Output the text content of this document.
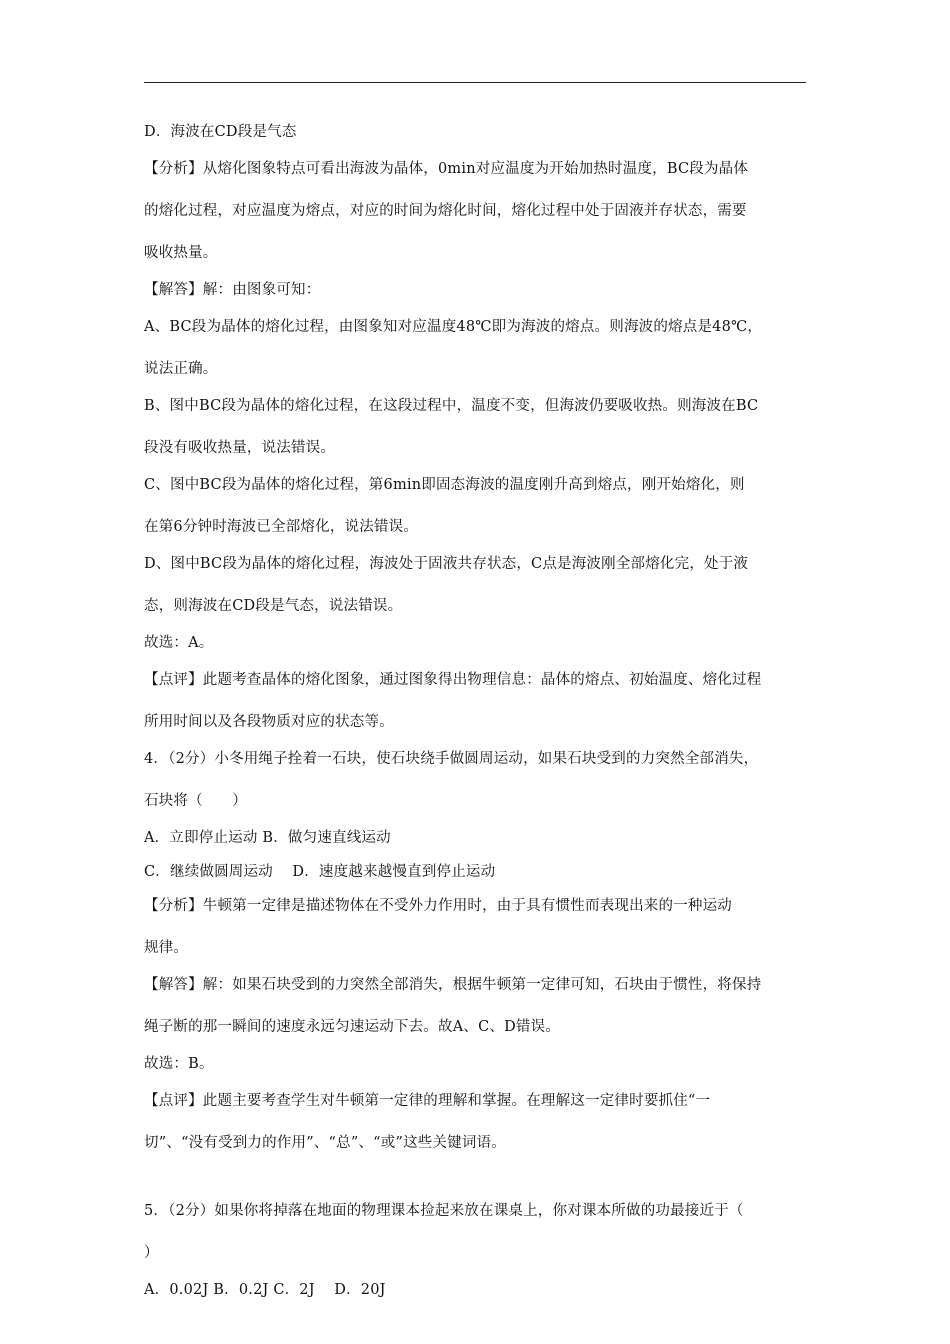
D．海波在CD段是气态
【分析】从熔化图象特点可看出海波为晶体，0min对应温度为开始加热时温度，BC段为晶体
的熔化过程，对应温度为熔点，对应的时间为熔化时间，熔化过程中处于固液并存状态，需要
吸收热量。
【解答】解：由图象可知：
A、BC段为晶体的熔化过程，由图象知对应温度48℃即为海波的熔点。则海波的熔点是48℃，
说法正确。
B、图中BC段为晶体的熔化过程，在这段过程中，温度不变，但海波仍要吸收热。则海波在BC
段没有吸收热量，说法错误。
C、图中BC段为晶体的熔化过程，第6min即固态海波的温度刚升高到熔点，刚开始熔化，则
在第6分钟时海波已全部熔化，说法错误。
D、图中BC段为晶体的熔化过程，海波处于固液共存状态，C点是海波刚全部熔化完，处于液
态，则海波在CD段是气态，说法错误。
故选：A。
【点评】此题考查晶体的熔化图象，通过图象得出物理信息：晶体的熔点、初始温度、熔化过程
所用时间以及各段物质对应的状态等。
4．（2分）小冬用绳子拴着一石块，使石块绕手做圆周运动，如果石块受到的力突然全部消失，
石块将（　　）
A．立即停止运动 B．做匀速直线运动
C．继续做圆周运动　 D．速度越来越慢直到停止运动
【分析】牛顿第一定律是描述物体在不受外力作用时，由于具有惯性而表现出来的一种运动
规律。
【解答】解：如果石块受到的力突然全部消失，根据牛顿第一定律可知，石块由于惯性，将保持
绳子断的那一瞬间的速度永远匀速运动下去。故A、C、D错误。
故选：B。
【点评】此题主要考查学生对牛顿第一定律的理解和掌握。在理解这一定律时要抓住“一
切”、“没有受到力的作用”、“总”、“或”这些关键词语。
5．（2分）如果你将掉落在地面的物理课本捡起来放在课桌上，你对课本所做的功最接近于（
）
A．0.02J B．0.2J C．2J　 D．20J
